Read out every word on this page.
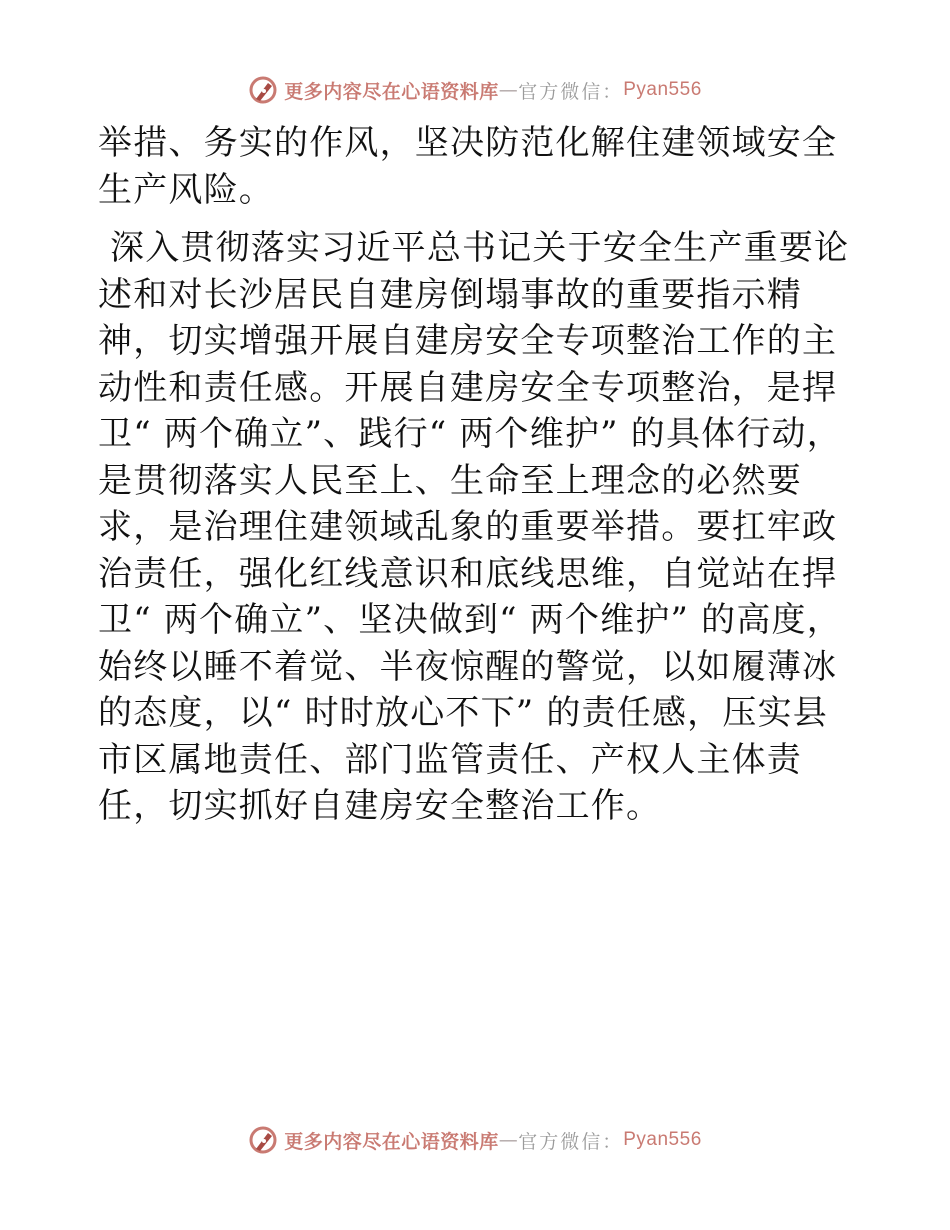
更多内容尽在心语资料库 — 官方微信： Pyan556

举措、务实的作风，坚决防范化解住建领域安全生产风险。

深入贯彻落实习近平总书记关于安全生产重要论述和对长沙居民自建房倒塌事故的重要指示精神，切实增强开展自建房安全专项整治工作的主动性和责任感。开展自建房安全专项整治，是捍卫“ 两个确立”、践行“ 两个维护” 的具体行动，是贯彻落实人民至上、生命至上理念的必然要求，是治理住建领域乱象的重要举措。要扛牢政治责任，强化红线意识和底线思维，自觉站在捍卫“ 两个确立”、坚决做到“ 两个维护” 的高度，始终以睡不着觉、半夜惊醒的警觉，以如履薄冰的态度，以“ 时时放心不下” 的责任感，压实县市区属地责任、部门监管责任、产权人主体责任，切实抓好自建房安全整治工作。

更多内容尽在心语资料库 — 官方微信： Pyan556
